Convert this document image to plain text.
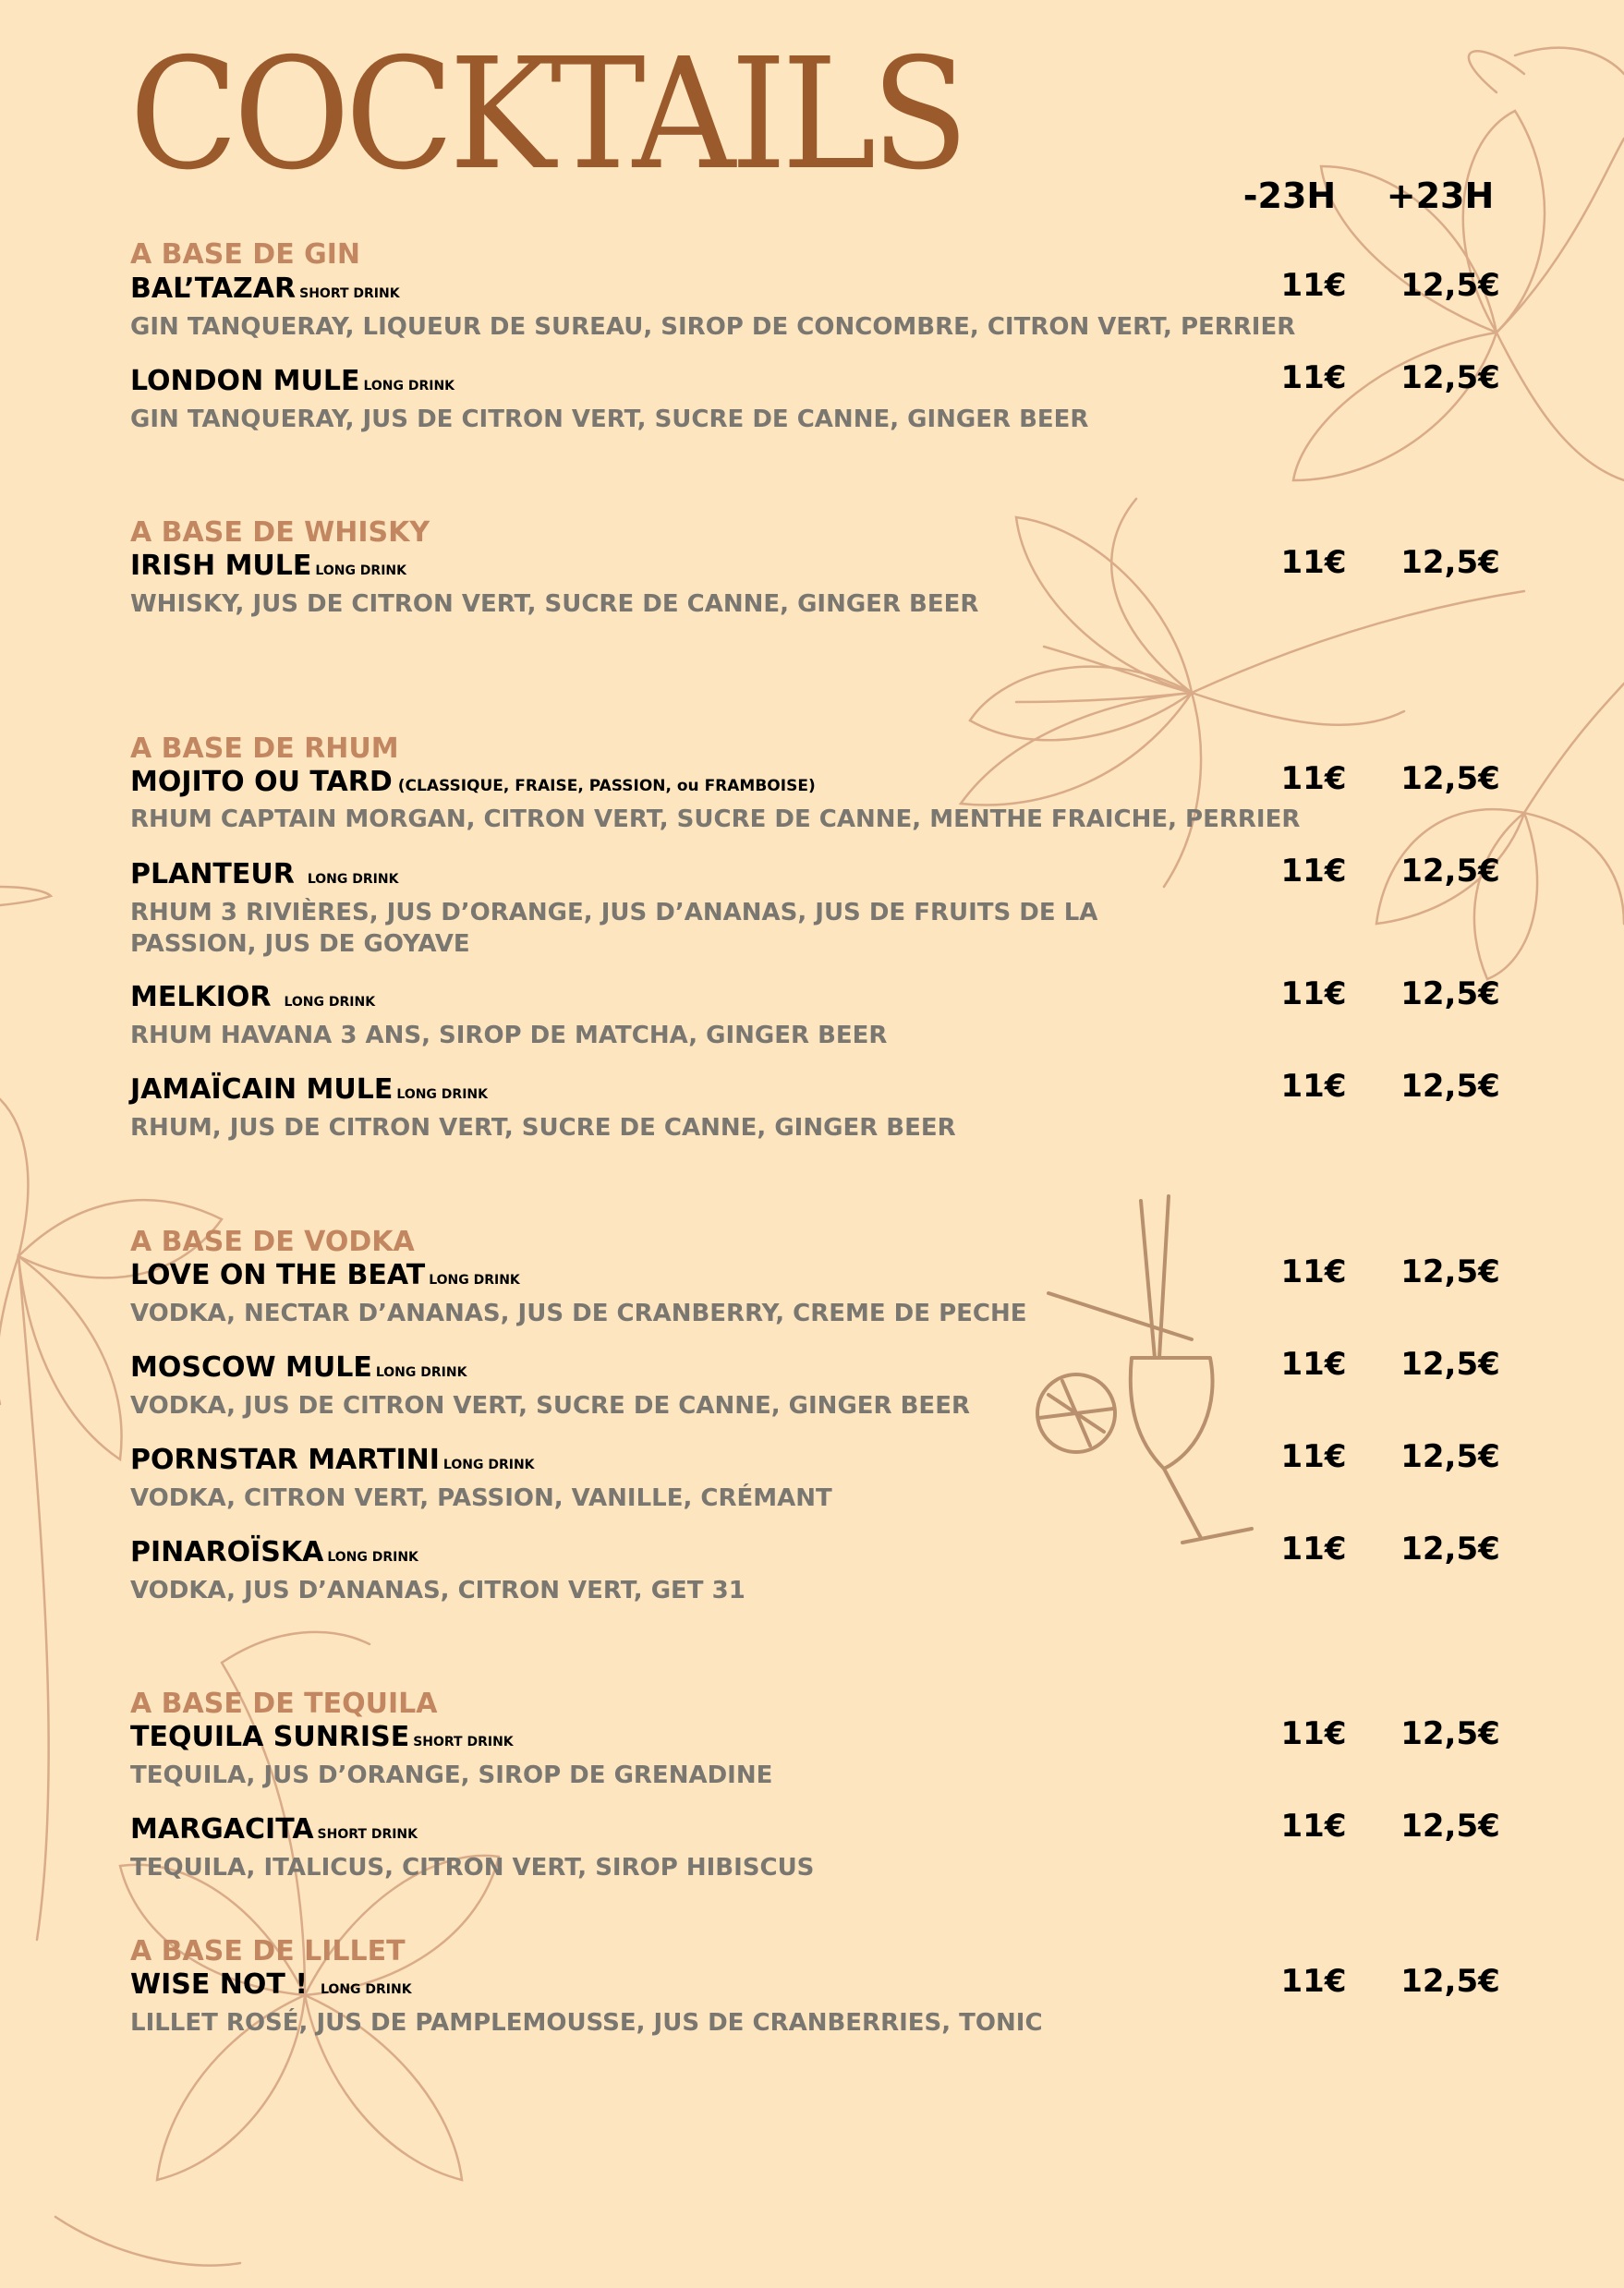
COCKTAILS	-23H	+23H
A BASE DE GIN
BAL’TAZAR SHORT DRINK
GIN TANQUERAY, LIQUEUR DE SUREAU, SIROP DE CONCOMBRE, CITRON VERT, PERRIER
11€	12,5€
LONDON MULE LONG DRINK
GIN TANQUERAY, JUS DE CITRON VERT, SUCRE DE CANNE, GINGER BEER
11€	12,5€
A BASE DE WHISKY
IRISH MULE LONG DRINK
WHISKY, JUS DE CITRON VERT, SUCRE DE CANNE, GINGER BEER
11€	12,5€
A BASE DE RHUM
MOJITO OU TARD (CLASSIQUE, FRAISE, PASSION, ou FRAMBOISE)
RHUM CAPTAIN MORGAN, CITRON VERT, SUCRE DE CANNE, MENTHE FRAICHE, PERRIER
11€	12,5€
PLANTEUR LONG DRINK
RHUM 3 RIVIÈRES, JUS D’ORANGE, JUS D’ANANAS, JUS DE FRUITS DE LA PASSION, JUS DE GOYAVE
11€	12,5€
MELKIOR LONG DRINK
RHUM HAVANA 3 ANS, SIROP DE MATCHA, GINGER BEER
11€	12,5€
JAMAÏCAIN MULE LONG DRINK
RHUM, JUS DE CITRON VERT, SUCRE DE CANNE, GINGER BEER
11€	12,5€
A BASE DE VODKA
LOVE ON THE BEAT LONG DRINK
VODKA, NECTAR D’ANANAS, JUS DE CRANBERRY, CREME DE PECHE
11€	12,5€
MOSCOW MULE LONG DRINK
VODKA, JUS DE CITRON VERT, SUCRE DE CANNE, GINGER BEER
11€	12,5€
PORNSTAR MARTINI LONG DRINK
VODKA, CITRON VERT, PASSION, VANILLE, CRÉMANT
11€	12,5€
PINAROÏSKA LONG DRINK
VODKA, JUS D’ANANAS, CITRON VERT, GET 31
11€	12,5€
A BASE DE TEQUILA
TEQUILA SUNRISE SHORT DRINK
TEQUILA, JUS D’ORANGE, SIROP DE GRENADINE
11€	12,5€
MARGACITA SHORT DRINK
TEQUILA, ITALICUS, CITRON VERT, SIROP HIBISCUS
11€	12,5€
A BASE DE LILLET
WISE NOT ! LONG DRINK
LILLET ROSÉ, JUS DE PAMPLEMOUSSE, JUS DE CRANBERRIES, TONIC
11€	12,5€
